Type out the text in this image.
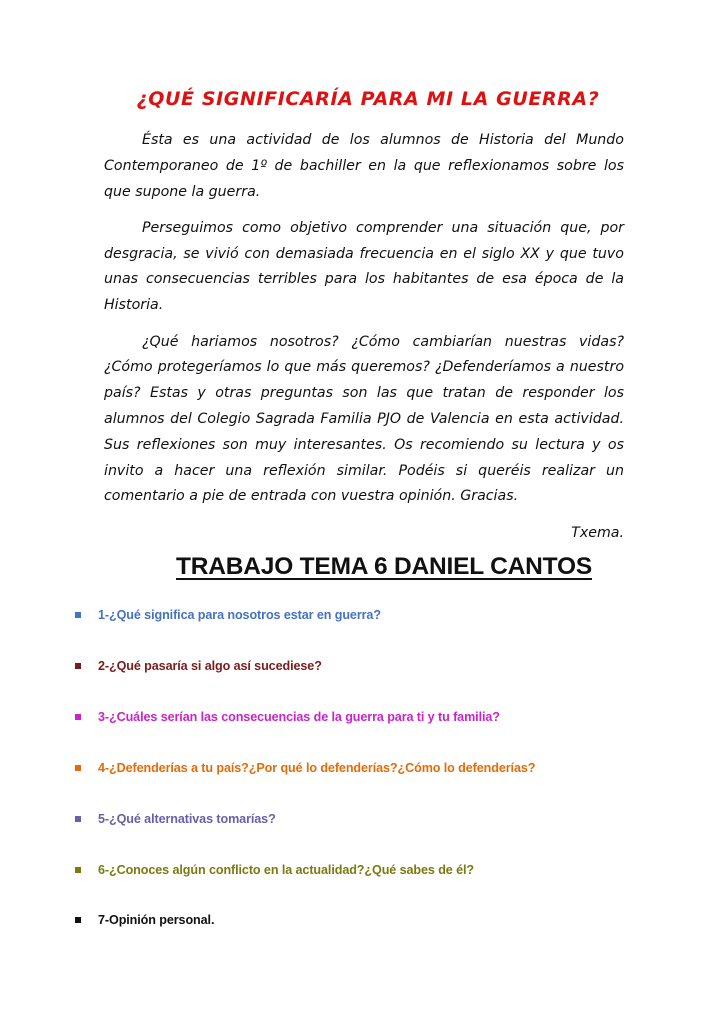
¿QUÉ SIGNIFICARÍA PARA MI LA GUERRA?

Ésta es una actividad de los alumnos de Historia del Mundo Contemporaneo de 1º de bachiller en la que reflexionamos sobre los que supone la guerra.

Perseguimos como objetivo comprender una situación que, por desgracia, se vivió con demasiada frecuencia en el siglo XX y que tuvo unas consecuencias terribles para los habitantes de esa época de la Historia.

¿Qué hariamos nosotros? ¿Cómo cambiarían nuestras vidas? ¿Cómo protegeríamos lo que más queremos? ¿Defenderíamos a nuestro país? Estas y otras preguntas son las que tratan de responder los alumnos del Colegio Sagrada Familia PJO de Valencia en esta actividad. Sus reflexiones son muy interesantes. Os recomiendo su lectura y os invito a hacer una reflexión similar. Podéis si queréis realizar un comentario a pie de entrada con vuestra opinión. Gracias.

Txema.

TRABAJO TEMA 6 DANIEL CANTOS
1-¿Qué significa para nosotros estar en guerra?
2-¿Qué pasaría si algo así sucediese?
3-¿Cuáles serían las consecuencias de la guerra para ti y tu familia?
4-¿Defenderías a tu país?¿Por qué lo defenderías?¿Cómo lo defenderías?
5-¿Qué alternativas tomarías?
6-¿Conoces algún conflicto en la actualidad?¿Qué sabes de él?
7-Opinión personal.
